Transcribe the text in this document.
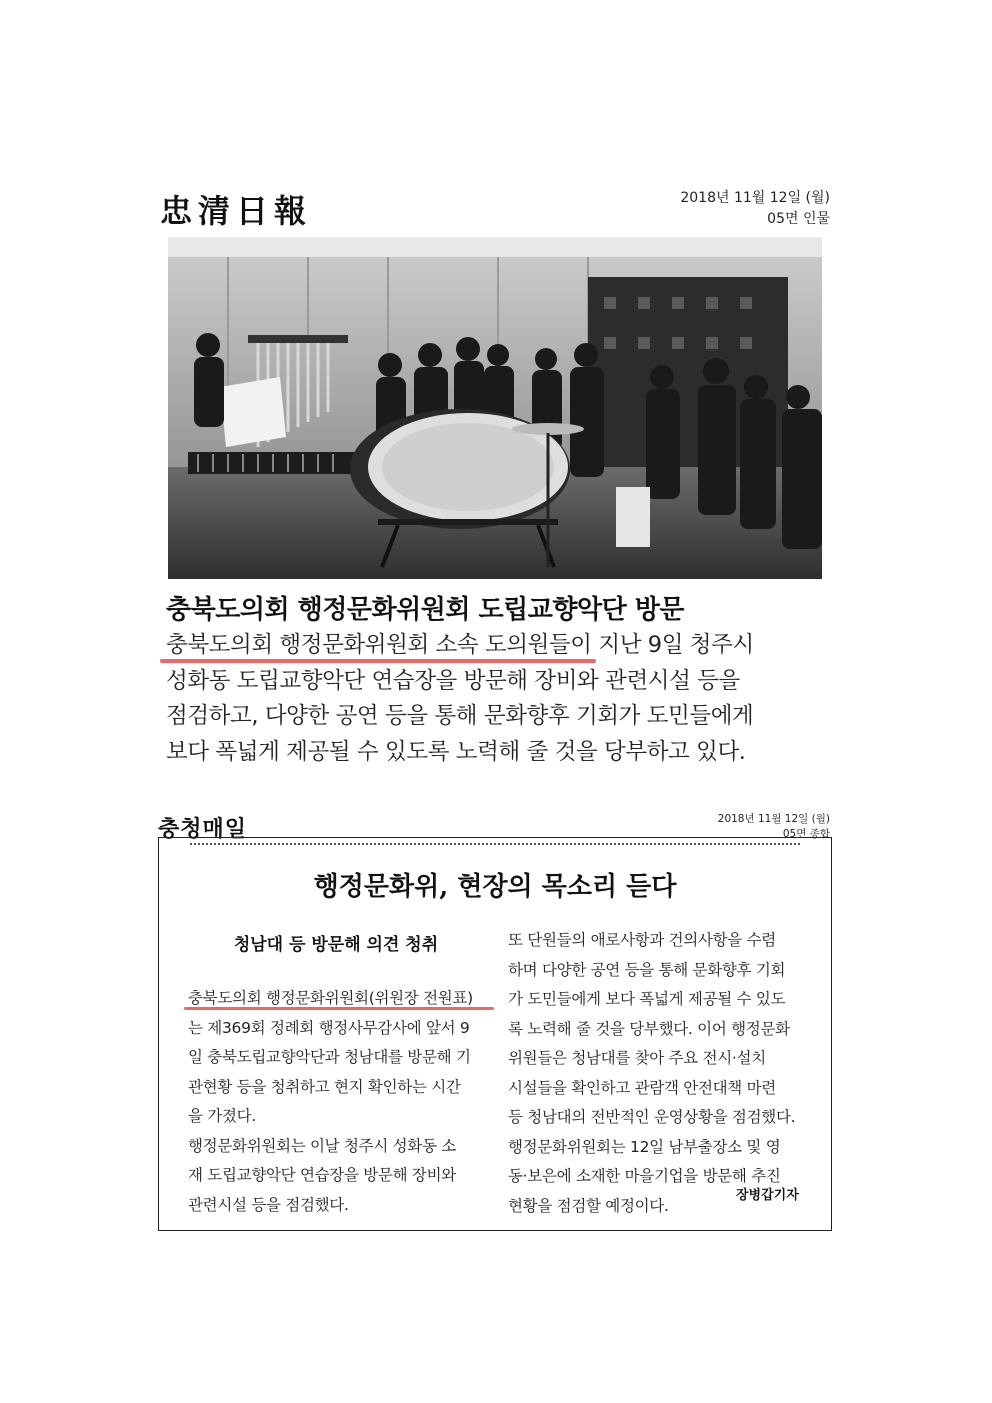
忠清日報	2018년 11월 12일 (월)
05면 인물
충북도의회 행정문화위원회 도립교향악단 방문

충북도의회 행정문화위원회 소속 도의원들이 지난 9일 청주시

성화동 도립교향악단 연습장을 방문해 장비와 관련시설 등을

점검하고, 다양한 공연 등을 통해 문화향후 기회가 도민들에게

보다 폭넓게 제공될 수 있도록 노력해 줄 것을 당부하고 있다.

충청매일	2018년 11월 12일 (월)
05면 종합
행정문화위, 현장의 목소리 듣다
청남대 등 방문해 의견 청취

충북도의회 행정문화위원회(위원장 전원표)

는 제369회 정례회 행정사무감사에 앞서 9

일 충북도립교향악단과 청남대를 방문해 기

관현황 등을 청취하고 현지 확인하는 시간

을 가졌다.

행정문화위원회는 이날 청주시 성화동 소

재 도립교향악단 연습장을 방문해 장비와

관련시설 등을 점검했다.

또 단원들의 애로사항과 건의사항을 수렴

하며 다양한 공연 등을 통해 문화향후 기회

가 도민들에게 보다 폭넓게 제공될 수 있도

록 노력해 줄 것을 당부했다. 이어 행정문화

위원들은 청남대를 찾아 주요 전시·설치

시설들을 확인하고 관람객 안전대책 마련

등 청남대의 전반적인 운영상황을 점검했다.

행정문화위원회는 12일 남부출장소 및 영

동·보은에 소재한 마을기업을 방문해 추진

현황을 점검할 예정이다.

장병갑기자
